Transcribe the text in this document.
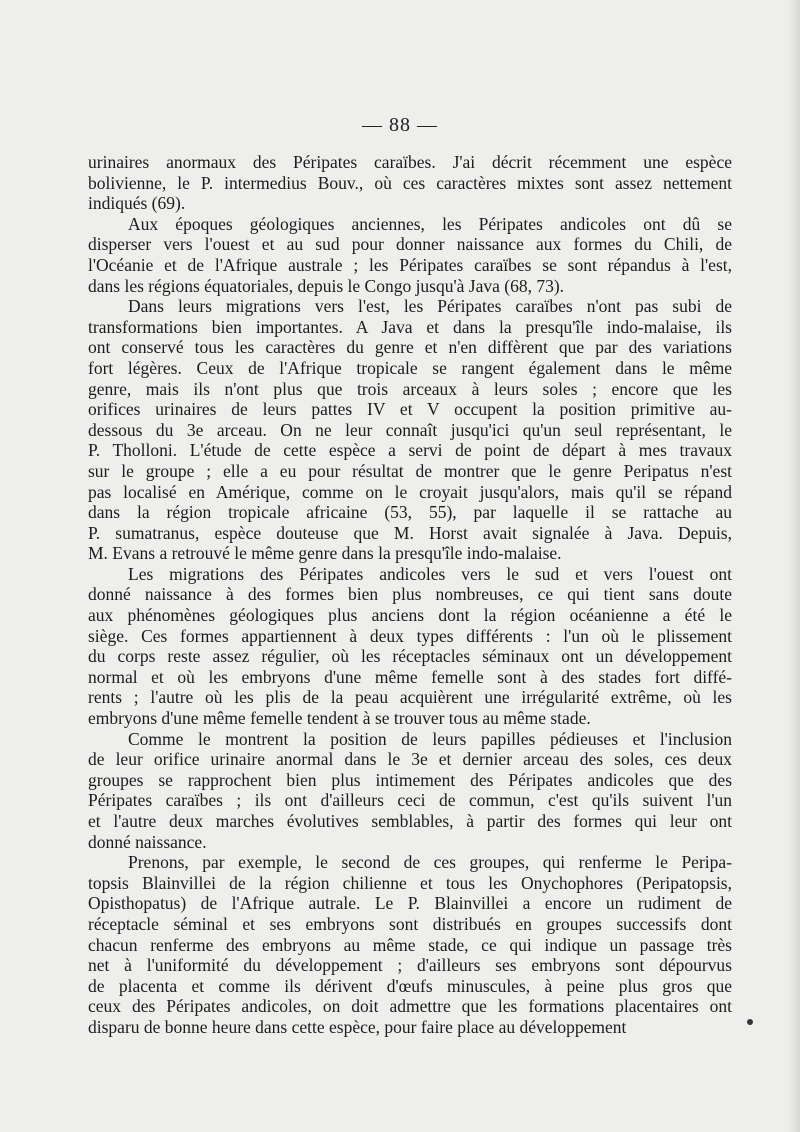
— 88 —
urinaires anormaux des Péripates caraïbes. J'ai décrit récemment une espèce
bolivienne, le P. intermedius Bouv., où ces caractères mixtes sont assez nettement
indiqués (69).
Aux époques géologiques anciennes, les Péripates andicoles ont dû se
disperser vers l'ouest et au sud pour donner naissance aux formes du Chili, de
l'Océanie et de l'Afrique australe ; les Péripates caraïbes se sont répandus à l'est,
dans les régions équatoriales, depuis le Congo jusqu'à Java (68, 73).
Dans leurs migrations vers l'est, les Péripates caraïbes n'ont pas subi de
transformations bien importantes. A Java et dans la presqu'île indo-malaise, ils
ont conservé tous les caractères du genre et n'en diffèrent que par des variations
fort légères. Ceux de l'Afrique tropicale se rangent également dans le même
genre, mais ils n'ont plus que trois arceaux à leurs soles ; encore que les
orifices urinaires de leurs pattes IV et V occupent la position primitive au-
dessous du 3e arceau. On ne leur connaît jusqu'ici qu'un seul représentant, le
P. Tholloni. L'étude de cette espèce a servi de point de départ à mes travaux
sur le groupe ; elle a eu pour résultat de montrer que le genre Peripatus n'est
pas localisé en Amérique, comme on le croyait jusqu'alors, mais qu'il se répand
dans la région tropicale africaine (53, 55), par laquelle il se rattache au
P. sumatranus, espèce douteuse que M. Horst avait signalée à Java. Depuis,
M. Evans a retrouvé le même genre dans la presqu'île indo-malaise.
Les migrations des Péripates andicoles vers le sud et vers l'ouest ont
donné naissance à des formes bien plus nombreuses, ce qui tient sans doute
aux phénomènes géologiques plus anciens dont la région océanienne a été le
siège. Ces formes appartiennent à deux types différents : l'un où le plissement
du corps reste assez régulier, où les réceptacles séminaux ont un développement
normal et où les embryons d'une même femelle sont à des stades fort diffé-
rents ; l'autre où les plis de la peau acquièrent une irrégularité extrême, où les
embryons d'une même femelle tendent à se trouver tous au même stade.
Comme le montrent la position de leurs papilles pédieuses et l'inclusion
de leur orifice urinaire anormal dans le 3e et dernier arceau des soles, ces deux
groupes se rapprochent bien plus intimement des Péripates andicoles que des
Péripates caraïbes ; ils ont d'ailleurs ceci de commun, c'est qu'ils suivent l'un
et l'autre deux marches évolutives semblables, à partir des formes qui leur ont
donné naissance.
Prenons, par exemple, le second de ces groupes, qui renferme le Peripa-
topsis Blainvillei de la région chilienne et tous les Onychophores (Peripatopsis,
Opisthopatus) de l'Afrique autrale. Le P. Blainvillei a encore un rudiment de
réceptacle séminal et ses embryons sont distribués en groupes successifs dont
chacun renferme des embryons au même stade, ce qui indique un passage très
net à l'uniformité du développement ; d'ailleurs ses embryons sont dépourvus
de placenta et comme ils dérivent d'œufs minuscules, à peine plus gros que
ceux des Péripates andicoles, on doit admettre que les formations placentaires ont
disparu de bonne heure dans cette espèce, pour faire place au développement
